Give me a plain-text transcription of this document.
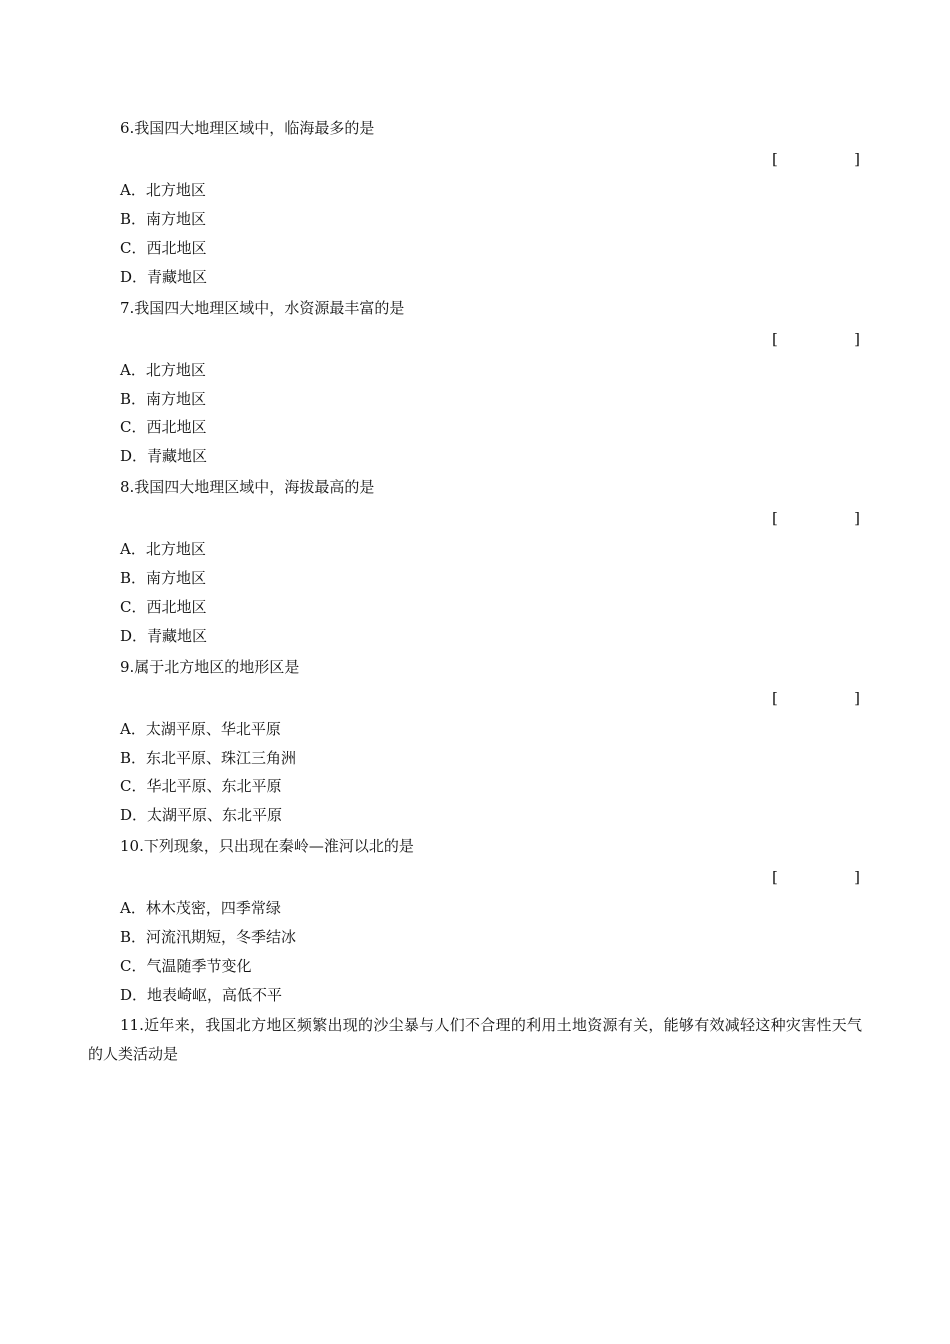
6.我国四大地理区域中，临海最多的是
[	]
A．北方地区
B．南方地区
C．西北地区
D．青藏地区
7.我国四大地理区域中，水资源最丰富的是
[	]
A．北方地区
B．南方地区
C．西北地区
D．青藏地区
8.我国四大地理区域中，海拔最高的是
[	]
A．北方地区
B．南方地区
C．西北地区
D．青藏地区
9.属于北方地区的地形区是
[	]
A．太湖平原、华北平原
B．东北平原、珠江三角洲
C．华北平原、东北平原
D．太湖平原、东北平原
10.下列现象，只出现在秦岭—淮河以北的是
[	]
A．林木茂密，四季常绿
B．河流汛期短，冬季结冰
C．气温随季节变化
D．地表崎岖，高低不平
11.近年来，我国北方地区频繁出现的沙尘暴与人们不合理的利用土地资源有关，能够有效减轻这种灾害性天气的人类活动是
